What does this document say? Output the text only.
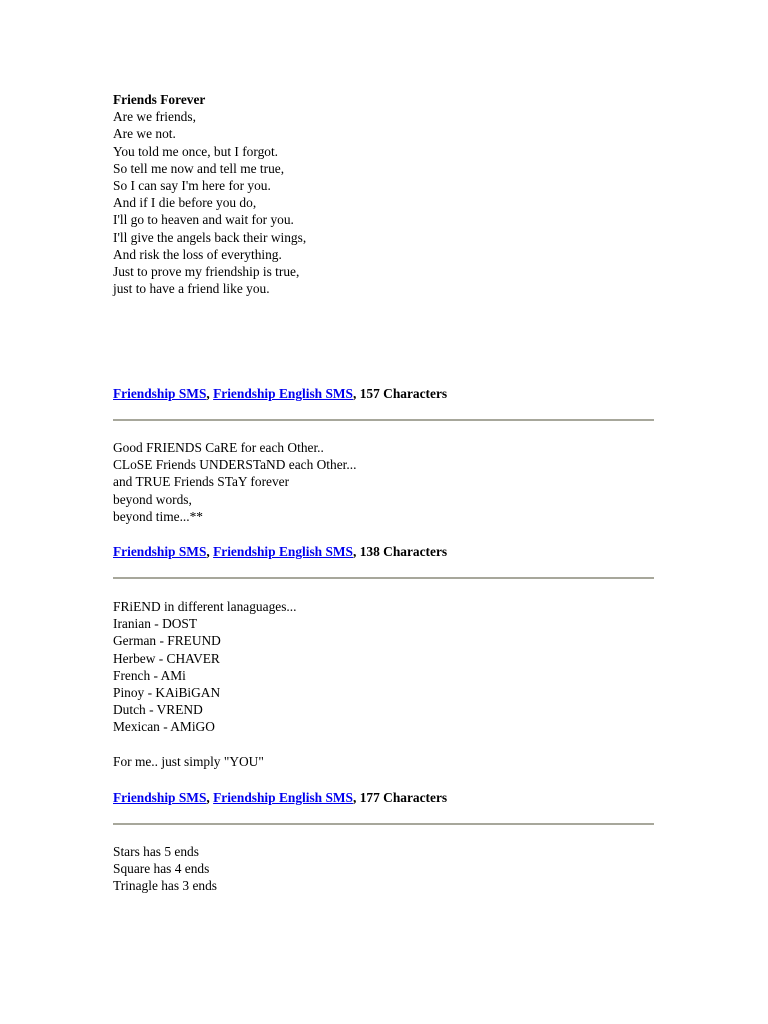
Friends Forever
Are we friends,
Are we not.
You told me once, but I forgot.
So tell me now and tell me true,
So I can say I'm here for you.
And if I die before you do,
I'll go to heaven and wait for you.
I'll give the angels back their wings,
And risk the loss of everything.
Just to prove my friendship is true,
just to have a friend like you.
Friendship SMS, Friendship English SMS, 157 Characters
Good FRIENDS CaRE for each Other..
CLoSE Friends UNDERSTaND each Other...
and TRUE Friends STaY forever
beyond words,
beyond time...**
Friendship SMS, Friendship English SMS, 138 Characters
FRiEND in different lanaguages...
Iranian - DOST
German - FREUND
Herbew - CHAVER
French - AMi
Pinoy - KAiBiGAN
Dutch - VREND
Mexican - AMiGO

For me.. just simply "YOU"
Friendship SMS, Friendship English SMS, 177 Characters
Stars has 5 ends
Square has 4 ends
Trinagle has 3 ends
